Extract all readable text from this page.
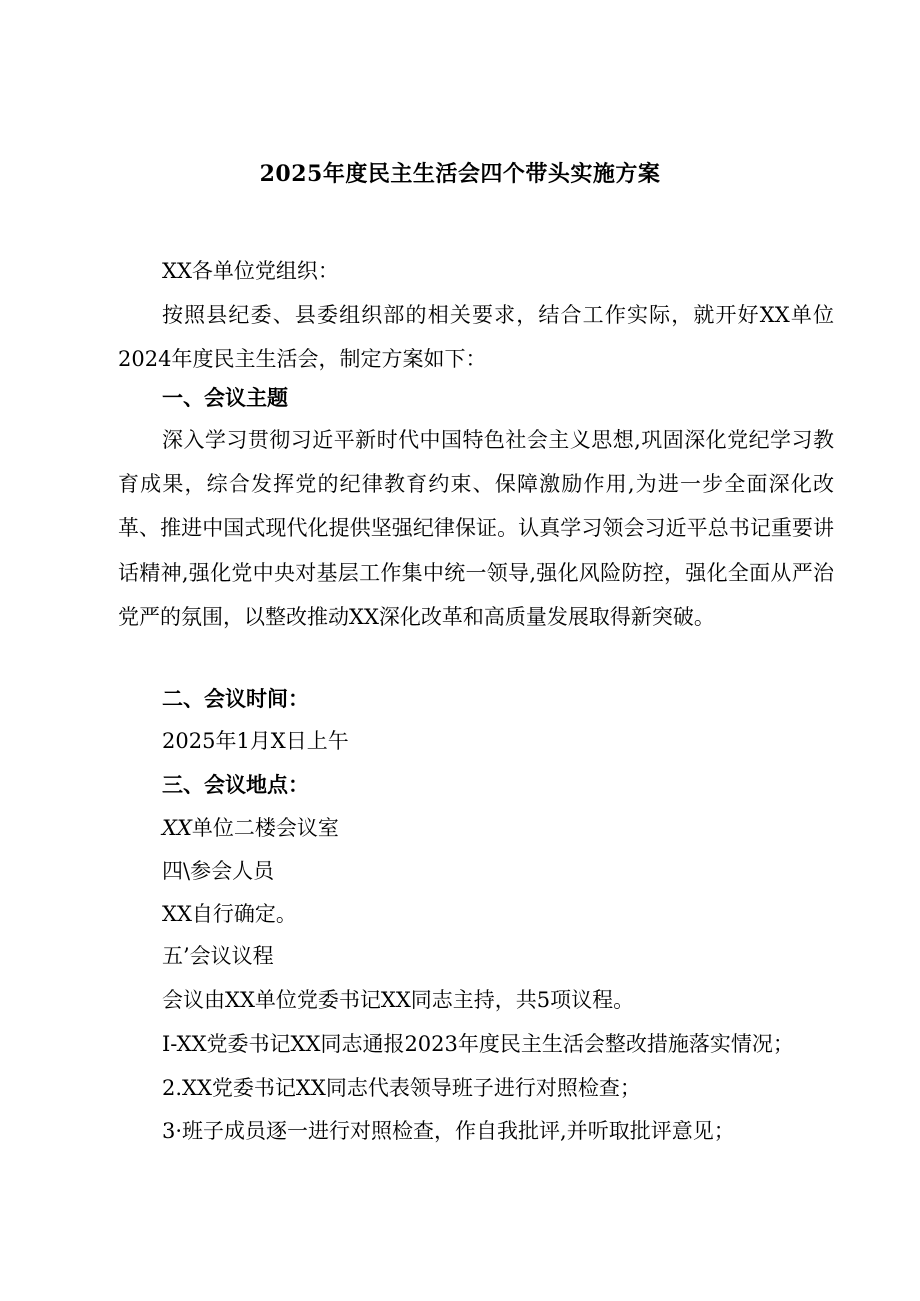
2025年度民主生活会四个带头实施方案
XX各单位党组织：
按照县纪委、县委组织部的相关要求，结合工作实际，就开好XX单位2024年度民主生活会，制定方案如下：
一、会议主题
深入学习贯彻习近平新时代中国特色社会主义思想,巩固深化党纪学习教育成果，综合发挥党的纪律教育约束、保障激励作用,为进一步全面深化改革、推进中国式现代化提供坚强纪律保证。认真学习领会习近平总书记重要讲话精神,强化党中央对基层工作集中统一领导,强化风险防控，强化全面从严治党严的氛围，以整改推动XX深化改革和高质量发展取得新突破。
二、会议时间：
2025年1月X日上午
三、会议地点：
XX单位二楼会议室
四\参会人员
XX自行确定。
五’会议议程
会议由XX单位党委书记XX同志主持，共5项议程。
I-XX党委书记XX同志通报2023年度民主生活会整改措施落实情况；
2.XX党委书记XX同志代表领导班子进行对照检查；
3·班子成员逐一进行对照检查，作自我批评,并听取批评意见；
